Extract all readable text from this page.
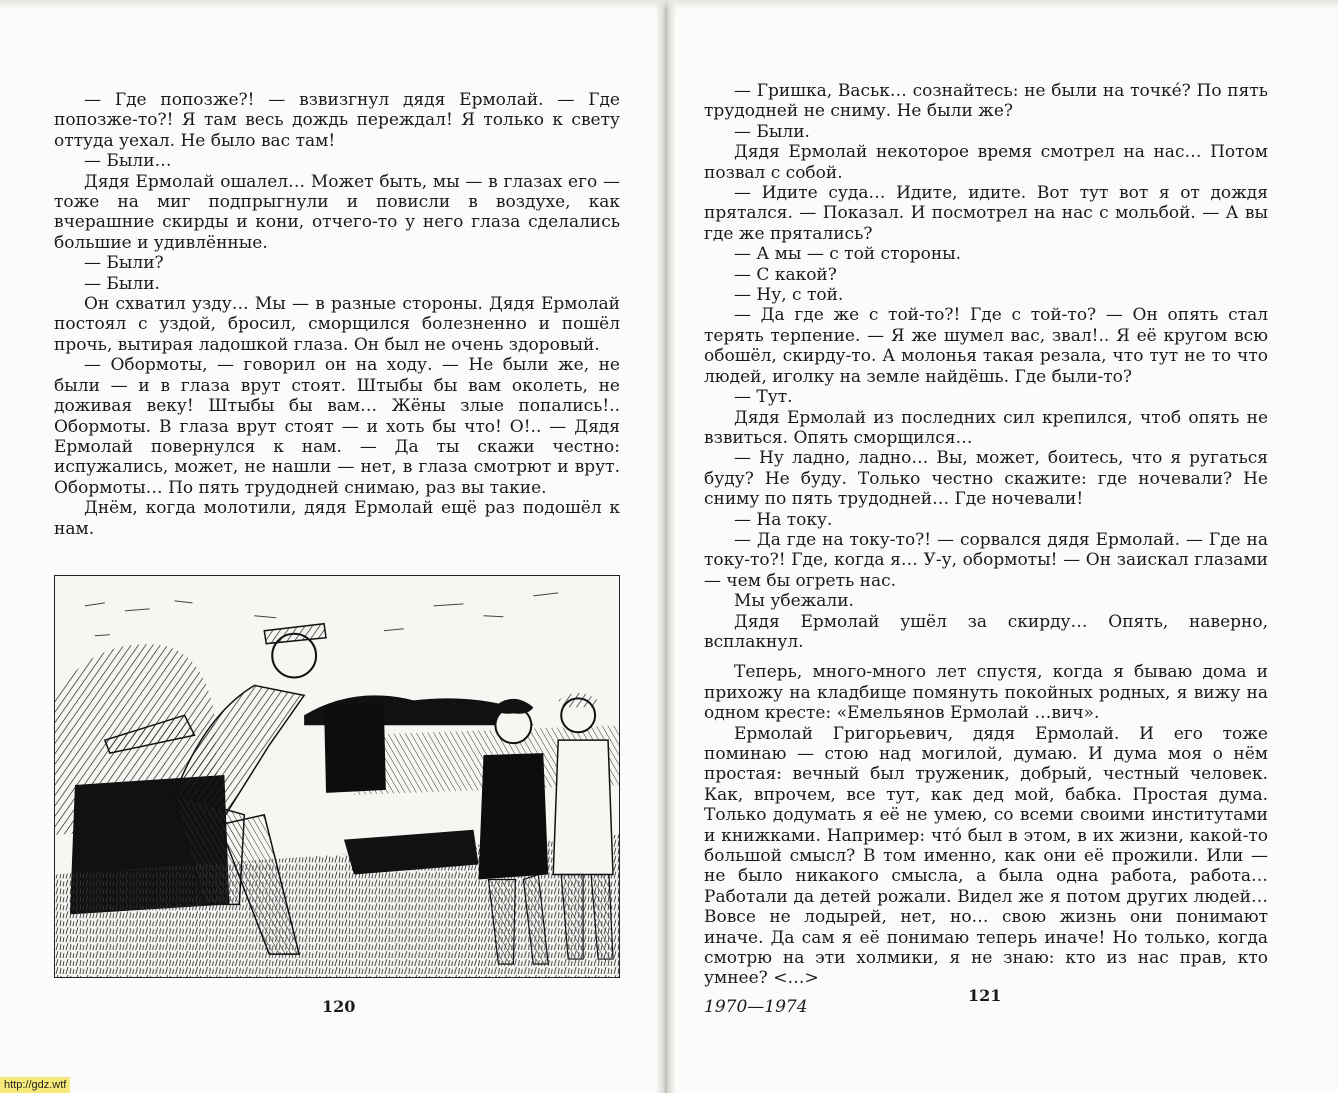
— Где попозже?! — взвизгнул дядя Ермолай. — Где попозже-то?! Я там весь дождь переждал! Я только к свету оттуда уехал. Не было вас там!

— Были…

Дядя Ермолай ошалел… Может быть, мы — в глазах его — тоже на миг подпрыгнули и повисли в воздухе, как вчерашние скирды и кони, отчего-то у него глаза сделались большие и удивлённые.

— Были?

— Были.

Он схватил узду… Мы — в разные стороны. Дядя Ермолай постоял с уздой, бросил, сморщился болезненно и пошёл прочь, вытирая ладошкой глаза. Он был не очень здоровый.

— Обормоты, — говорил он на ходу. — Не были же, не были — и в глаза врут стоят. Штыбы бы вам околеть, не доживая веку! Штыбы бы вам… Жёны злые попались!.. Обормоты. В глаза врут стоят — и хоть бы что! О!.. — Дядя Ермолай повернулся к нам. — Да ты скажи честно: испужались, может, не нашли — нет, в глаза смотрют и врут. Обормоты… По пять трудодней снимаю, раз вы такие.

Днём, когда молотили, дядя Ермолай ещё раз подошёл к нам.

120

— Гришка, Васьк… сознайтесь: не были на точке́? По пять трудодней не сниму. Не были же?

— Были.

Дядя Ермолай некоторое время смотрел на нас… Потом позвал с собой.

— Идите суда… Идите, идите. Вот тут вот я от дождя прятался. — Показал. И посмотрел на нас с мольбой. — А вы где же прятались?

— А мы — с той стороны.

— С какой?

— Ну, с той.

— Да где же с той-то?! Где с той-то? — Он опять стал терять терпение. — Я же шумел вас, звал!.. Я её кругом всю обошёл, скирду-то. А молонья такая резала, что тут не то что людей, иголку на земле найдёшь. Где были-то?

— Тут.

Дядя Ермолай из последних сил крепился, чтоб опять не взвиться. Опять сморщился…

— Ну ладно, ладно… Вы, может, боитесь, что я ругаться буду? Не буду. Только честно скажите: где ночевали? Не сниму по пять трудодней… Где ночевали!

— На току.

— Да где на току-то?! — сорвался дядя Ермолай. — Где на току-то?! Где, когда я… У-у, обормоты! — Он заискал глазами — чем бы огреть нас.

Мы убежали.

Дядя Ермолай ушёл за скирду… Опять, наверно, всплакнул.

Теперь, много-много лет спустя, когда я бываю дома и прихожу на кладбище помянуть покойных родных, я вижу на одном кресте: «Емельянов Ермолай …вич».

Ермолай Григорьевич, дядя Ермолай. И его тоже поминаю — стою над могилой, думаю. И дума моя о нём простая: вечный был труженик, добрый, честный человек. Как, впрочем, все тут, как дед мой, бабка. Простая дума. Только додумать я её не умею, со всеми своими институтами и книжками. Например: что́ был в этом, в их жизни, какой-то большой смысл? В том именно, как они её прожили. Или — не было никакого смысла, а была одна работа, работа… Работали да детей рожали. Видел же я потом других людей… Вовсе не лодырей, нет, но… свою жизнь они понимают иначе. Да сам я её понимаю теперь иначе! Но только, когда смотрю на эти холмики, я не знаю: кто из нас прав, кто умнее? <…>

1970—1974

121
http://gdz.wtf
